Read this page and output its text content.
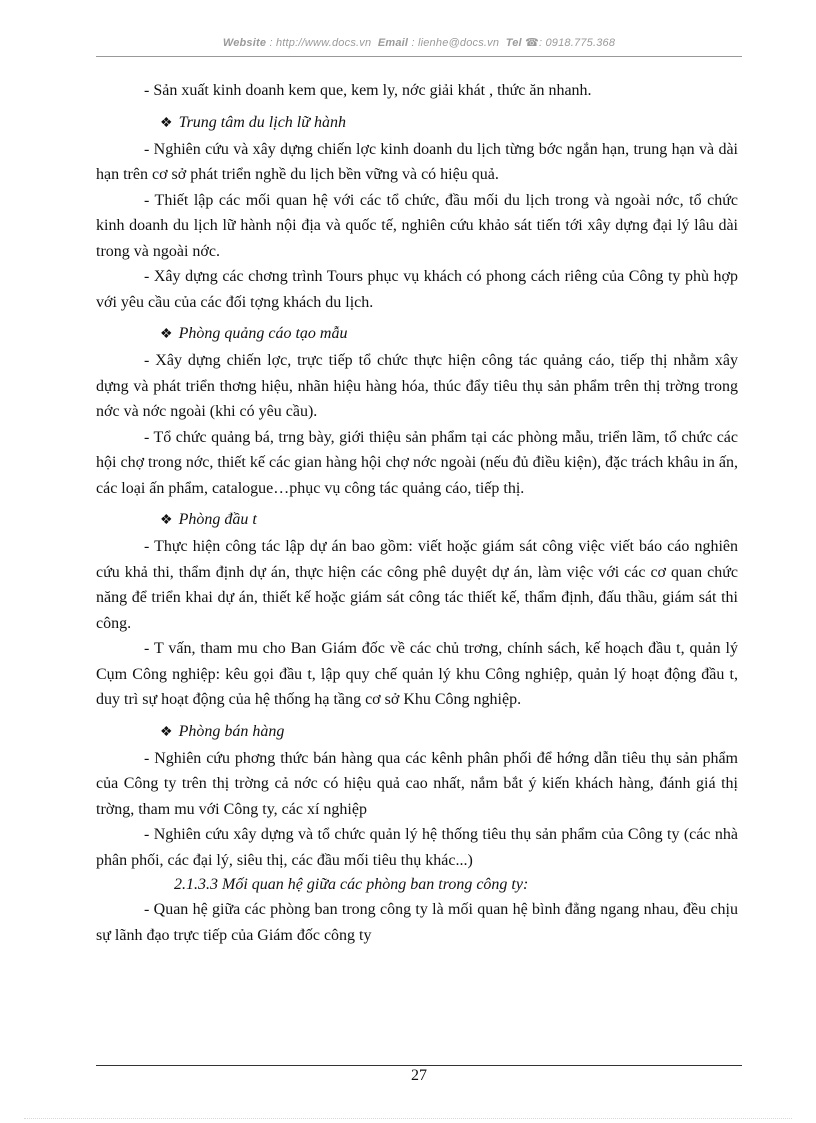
Website : http://www.docs.vn Email : lienhe@docs.vn Tel ☎: 0918.775.368

- Sản xuất kinh doanh kem que, kem ly, nớc giải khát , thức ăn nhanh.

❖ Trung tâm du lịch lữ hành

- Nghiên cứu và xây dựng chiến lợc kinh doanh du lịch từng bớc ngắn hạn, trung hạn và dài hạn trên cơ sở phát triển nghề du lịch bền vững và có hiệu quả.

- Thiết lập các mối quan hệ với các tổ chức, đầu mối du lịch trong và ngoài nớc, tổ chức kinh doanh du lịch lữ hành nội địa và quốc tế, nghiên cứu khảo sát tiến tới xây dựng đại lý lâu dài trong và ngoài nớc.

- Xây dựng các chơng trình Tours phục vụ khách có phong cách riêng của Công ty phù hợp với yêu cầu của các đối tợng khách du lịch.

❖ Phòng quảng cáo tạo mẫu

- Xây dựng chiến lợc, trực tiếp tổ chức thực hiện công tác quảng cáo, tiếp thị nhằm xây dựng và phát triển thơng hiệu, nhãn hiệu hàng hóa, thúc đẩy tiêu thụ sản phẩm trên thị trờng trong nớc và nớc ngoài (khi có yêu cầu).

- Tổ chức quảng bá, trng bày, giới thiệu sản phẩm tại các phòng mẫu, triển lãm, tổ chức các hội chợ trong nớc, thiết kế các gian hàng hội chợ nớc ngoài (nếu đủ điều kiện), đặc trách khâu in ấn, các loại ấn phẩm, catalogue…phục vụ công tác quảng cáo, tiếp thị.

❖ Phòng đầu t

- Thực hiện công tác lập dự án bao gồm: viết hoặc giám sát công việc viết báo cáo nghiên cứu khả thi, thẩm định dự án, thực hiện các công phê duyệt dự án, làm việc với các cơ quan chức năng để triển khai dự án, thiết kế hoặc giám sát công tác thiết kế, thẩm định, đấu thầu, giám sát thi công.

- T vấn, tham mu cho Ban Giám đốc về các chủ trơng, chính sách, kế hoạch đầu t, quản lý Cụm Công nghiệp: kêu gọi đầu t, lập quy chế quản lý khu Công nghiệp, quản lý hoạt động đầu t, duy trì sự hoạt động của hệ thống hạ tầng cơ sở Khu Công nghiệp.

❖ Phòng bán hàng

- Nghiên cứu phơng thức bán hàng qua các kênh phân phối để hớng dẫn tiêu thụ sản phẩm của Công ty trên thị trờng cả nớc có hiệu quả cao nhất, nắm bắt ý kiến khách hàng, đánh giá thị trờng, tham mu với Công ty, các xí nghiệp

- Nghiên cứu xây dựng và tổ chức quản lý hệ thống tiêu thụ sản phẩm của Công ty (các nhà phân phối, các đại lý, siêu thị, các đầu mối tiêu thụ khác...)

2.1.3.3 Mối quan hệ giữa các phòng ban trong công ty:

- Quan hệ giữa các phòng ban trong công ty là mối quan hệ bình đẳng ngang nhau, đều chịu sự lãnh đạo trực tiếp của Giám đốc công ty

27
